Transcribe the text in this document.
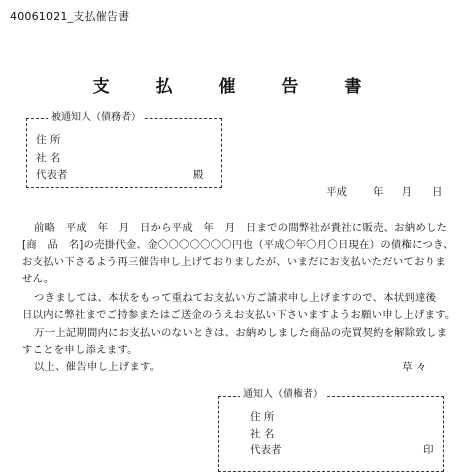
40061021_支払催告書
支 払 催 告 書
被通知人（債務者）
住 所
社 名
代表者	殿
平成 年 月 日
前略　平成　年　月　日から平成　年　月　日までの間弊社が貴社に販売、お納めした
[商　品　名]の売掛代金、金〇〇〇〇〇〇〇円也（平成〇年〇月〇日現在）の債権につき、
お支払い下さるよう再三催告申し上げておりましたが、いまだにお支払いただいておりま
せん。
つきましては、本状をもって重ねてお支払い方ご請求申し上げますので、本状到達後
日以内に弊社までご持参またはご送金のうえお支払い下さいますようお願い申し上げます。
万一上記期間内にお支払いのないときは、お納めしました商品の売買契約を解除致しま
すことを申し添えます。
以上、催告申し上げます。	草 々
通知人（債権者）
住 所
社 名
代表者	印
